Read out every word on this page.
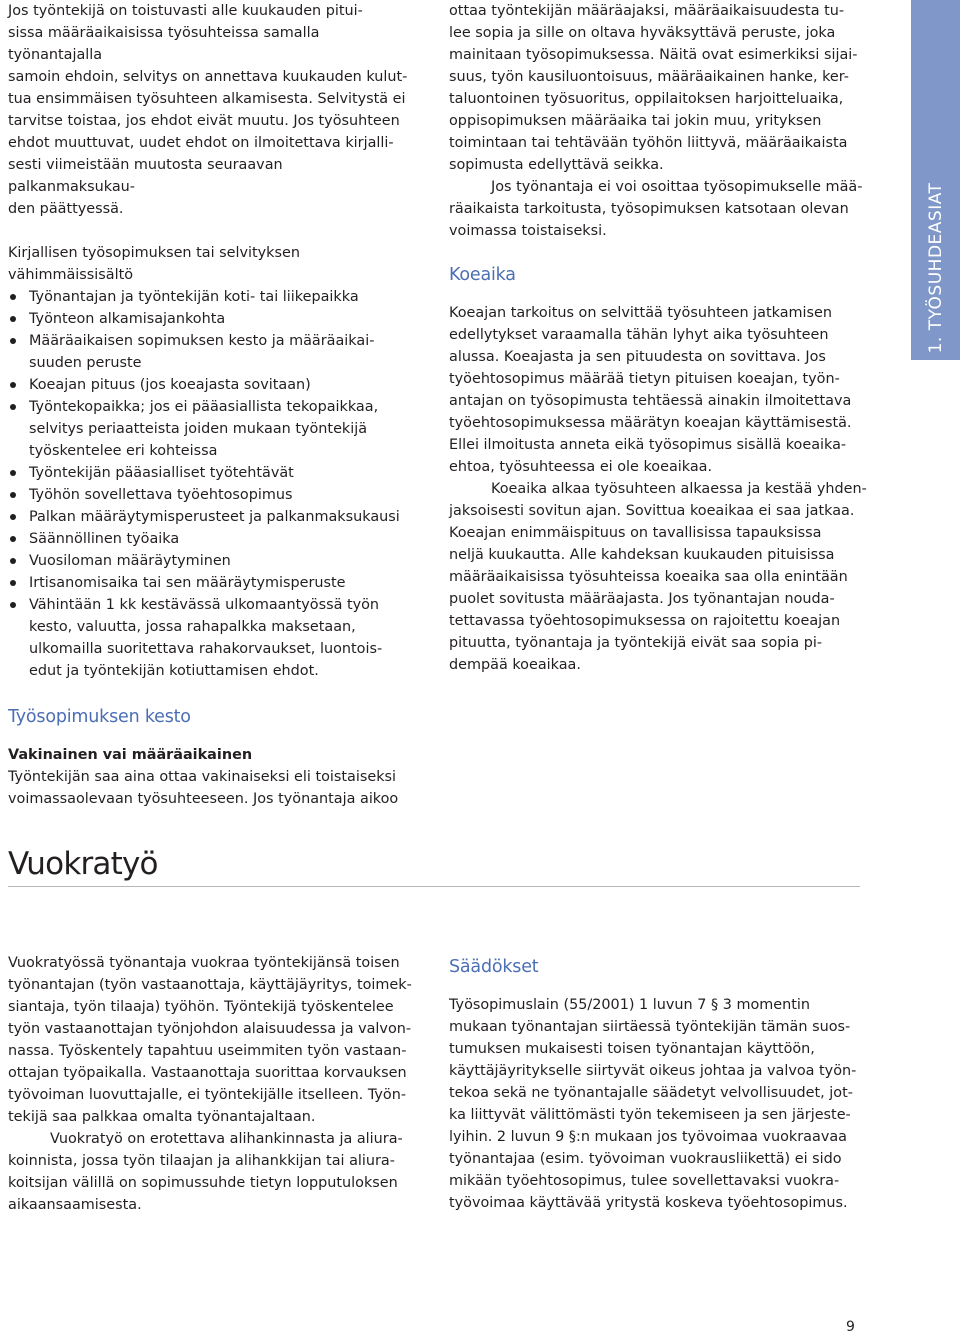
1. TYÖSUHDEASIAT
Jos työntekijä on toistuvasti alle kuukauden pitui-
sissa määräaikaisissa työsuhteissa samalla työnantajalla
samoin ehdoin, selvitys on annettava kuukauden kulut-
tua ensimmäisen työsuhteen alkamisesta. Selvitystä ei
tarvitse toistaa, jos ehdot eivät muutu. Jos työsuhteen
ehdot muuttuvat, uudet ehdot on ilmoitettava kirjalli-
sesti viimeistään muutosta seuraavan palkanmaksukau-
den päättyessä.
Kirjallisen työsopimuksen tai selvityksen
vähimmäissisältö
Työnantajan ja työntekijän koti- tai liikepaikka
Työnteon alkamisajankohta
Määräaikaisen sopimuksen kesto ja määräaikai-
suuden peruste
Koeajan pituus (jos koeajasta sovitaan)
Työntekopaikka; jos ei pääasiallista tekopaikkaa,
selvitys periaatteista joiden mukaan työntekijä
työskentelee eri kohteissa
Työntekijän pääasialliset työtehtävät
Työhön sovellettava työehtosopimus
Palkan määräytymisperusteet ja palkanmaksukausi
Säännöllinen työaika
Vuosiloman määräytyminen
Irtisanomisaika tai sen määräytymisperuste
Vähintään 1 kk kestävässä ulkomaantyössä työn
kesto, valuutta, jossa rahapalkka maksetaan,
ulkomailla suoritettava rahakorvaukset, luontois-
edut ja työntekijän kotiuttamisen ehdot.
Työsopimuksen kesto
Vakinainen vai määräaikainen
Työntekijän saa aina ottaa vakinaiseksi eli toistaiseksi
voimassaolevaan työsuhteeseen. Jos työnantaja aikoo
ottaa työntekijän määräajaksi, määräaikaisuudesta tu-
lee sopia ja sille on oltava hyväksyttävä peruste, joka
mainitaan työsopimuksessa. Näitä ovat esimerkiksi sijai-
suus, työn kausiluontoisuus, määräaikainen hanke, ker-
taluontoinen työsuoritus, oppilaitoksen harjoitteluaika,
oppisopimuksen määräaika tai jokin muu, yrityksen
toimintaan tai tehtävään työhön liittyvä, määräaikaista
sopimusta edellyttävä seikka.
Jos työnantaja ei voi osoittaa työsopimukselle mää-
räaikaista tarkoitusta, työsopimuksen katsotaan olevan
voimassa toistaiseksi.
Koeaika
Koeajan tarkoitus on selvittää työsuhteen jatkamisen
edellytykset varaamalla tähän lyhyt aika työsuhteen
alussa. Koeajasta ja sen pituudesta on sovittava. Jos
työehtosopimus määrää tietyn pituisen koeajan, työn-
antajan on työsopimusta tehtäessä ainakin ilmoitettava
työehtosopimuksessa määrätyn koeajan käyttämisestä.
Ellei ilmoitusta anneta eikä työsopimus sisällä koeaika-
ehtoa, työsuhteessa ei ole koeaikaa.
Koeaika alkaa työsuhteen alkaessa ja kestää yhden-
jaksoisesti sovitun ajan. Sovittua koeaikaa ei saa jatkaa.
Koeajan enimmäispituus on tavallisissa tapauksissa
neljä kuukautta. Alle kahdeksan kuukauden pituisissa
määräaikaisissa työsuhteissa koeaika saa olla enintään
puolet sovitusta määräajasta. Jos työnantajan nouda-
tettavassa työehtosopimuksessa on rajoitettu koeajan
pituutta, työnantaja ja työntekijä eivät saa sopia pi-
dempää koeaikaa.
Vuokratyö
Vuokratyössä työnantaja vuokraa työntekijänsä toisen
työnantajan (työn vastaanottaja, käyttäjäyritys, toimek-
siantaja, työn tilaaja) työhön. Työntekijä työskentelee
työn vastaanottajan työnjohdon alaisuudessa ja valvon-
nassa. Työskentely tapahtuu useimmiten työn vastaan-
ottajan työpaikalla. Vastaanottaja suorittaa korvauksen
työvoiman luovuttajalle, ei työntekijälle itselleen. Työn-
tekijä saa palkkaa omalta työnantajaltaan.
Vuokratyö on erotettava alihankinnasta ja aliura-
koinnista, jossa työn tilaajan ja alihankkijan tai aliura-
koitsijan välillä on sopimussuhde tietyn lopputuloksen
aikaansaamisesta.
Säädökset
Työsopimuslain (55/2001) 1 luvun 7 § 3 momentin
mukaan työnantajan siirtäessä työntekijän tämän suos-
tumuksen mukaisesti toisen työnantajan käyttöön,
käyttäjäyritykselle siirtyvät oikeus johtaa ja valvoa työn-
tekoa sekä ne työnantajalle säädetyt velvollisuudet, jot-
ka liittyvät välittömästi työn tekemiseen ja sen järjeste-
lyihin. 2 luvun 9 §:n mukaan jos työvoimaa vuokraavaa
työnantajaa (esim. työvoiman vuokrausliikettä) ei sido
mikään työehtosopimus, tulee sovellettavaksi vuokra-
työvoimaa käyttävää yritystä koskeva työehtosopimus.
9
